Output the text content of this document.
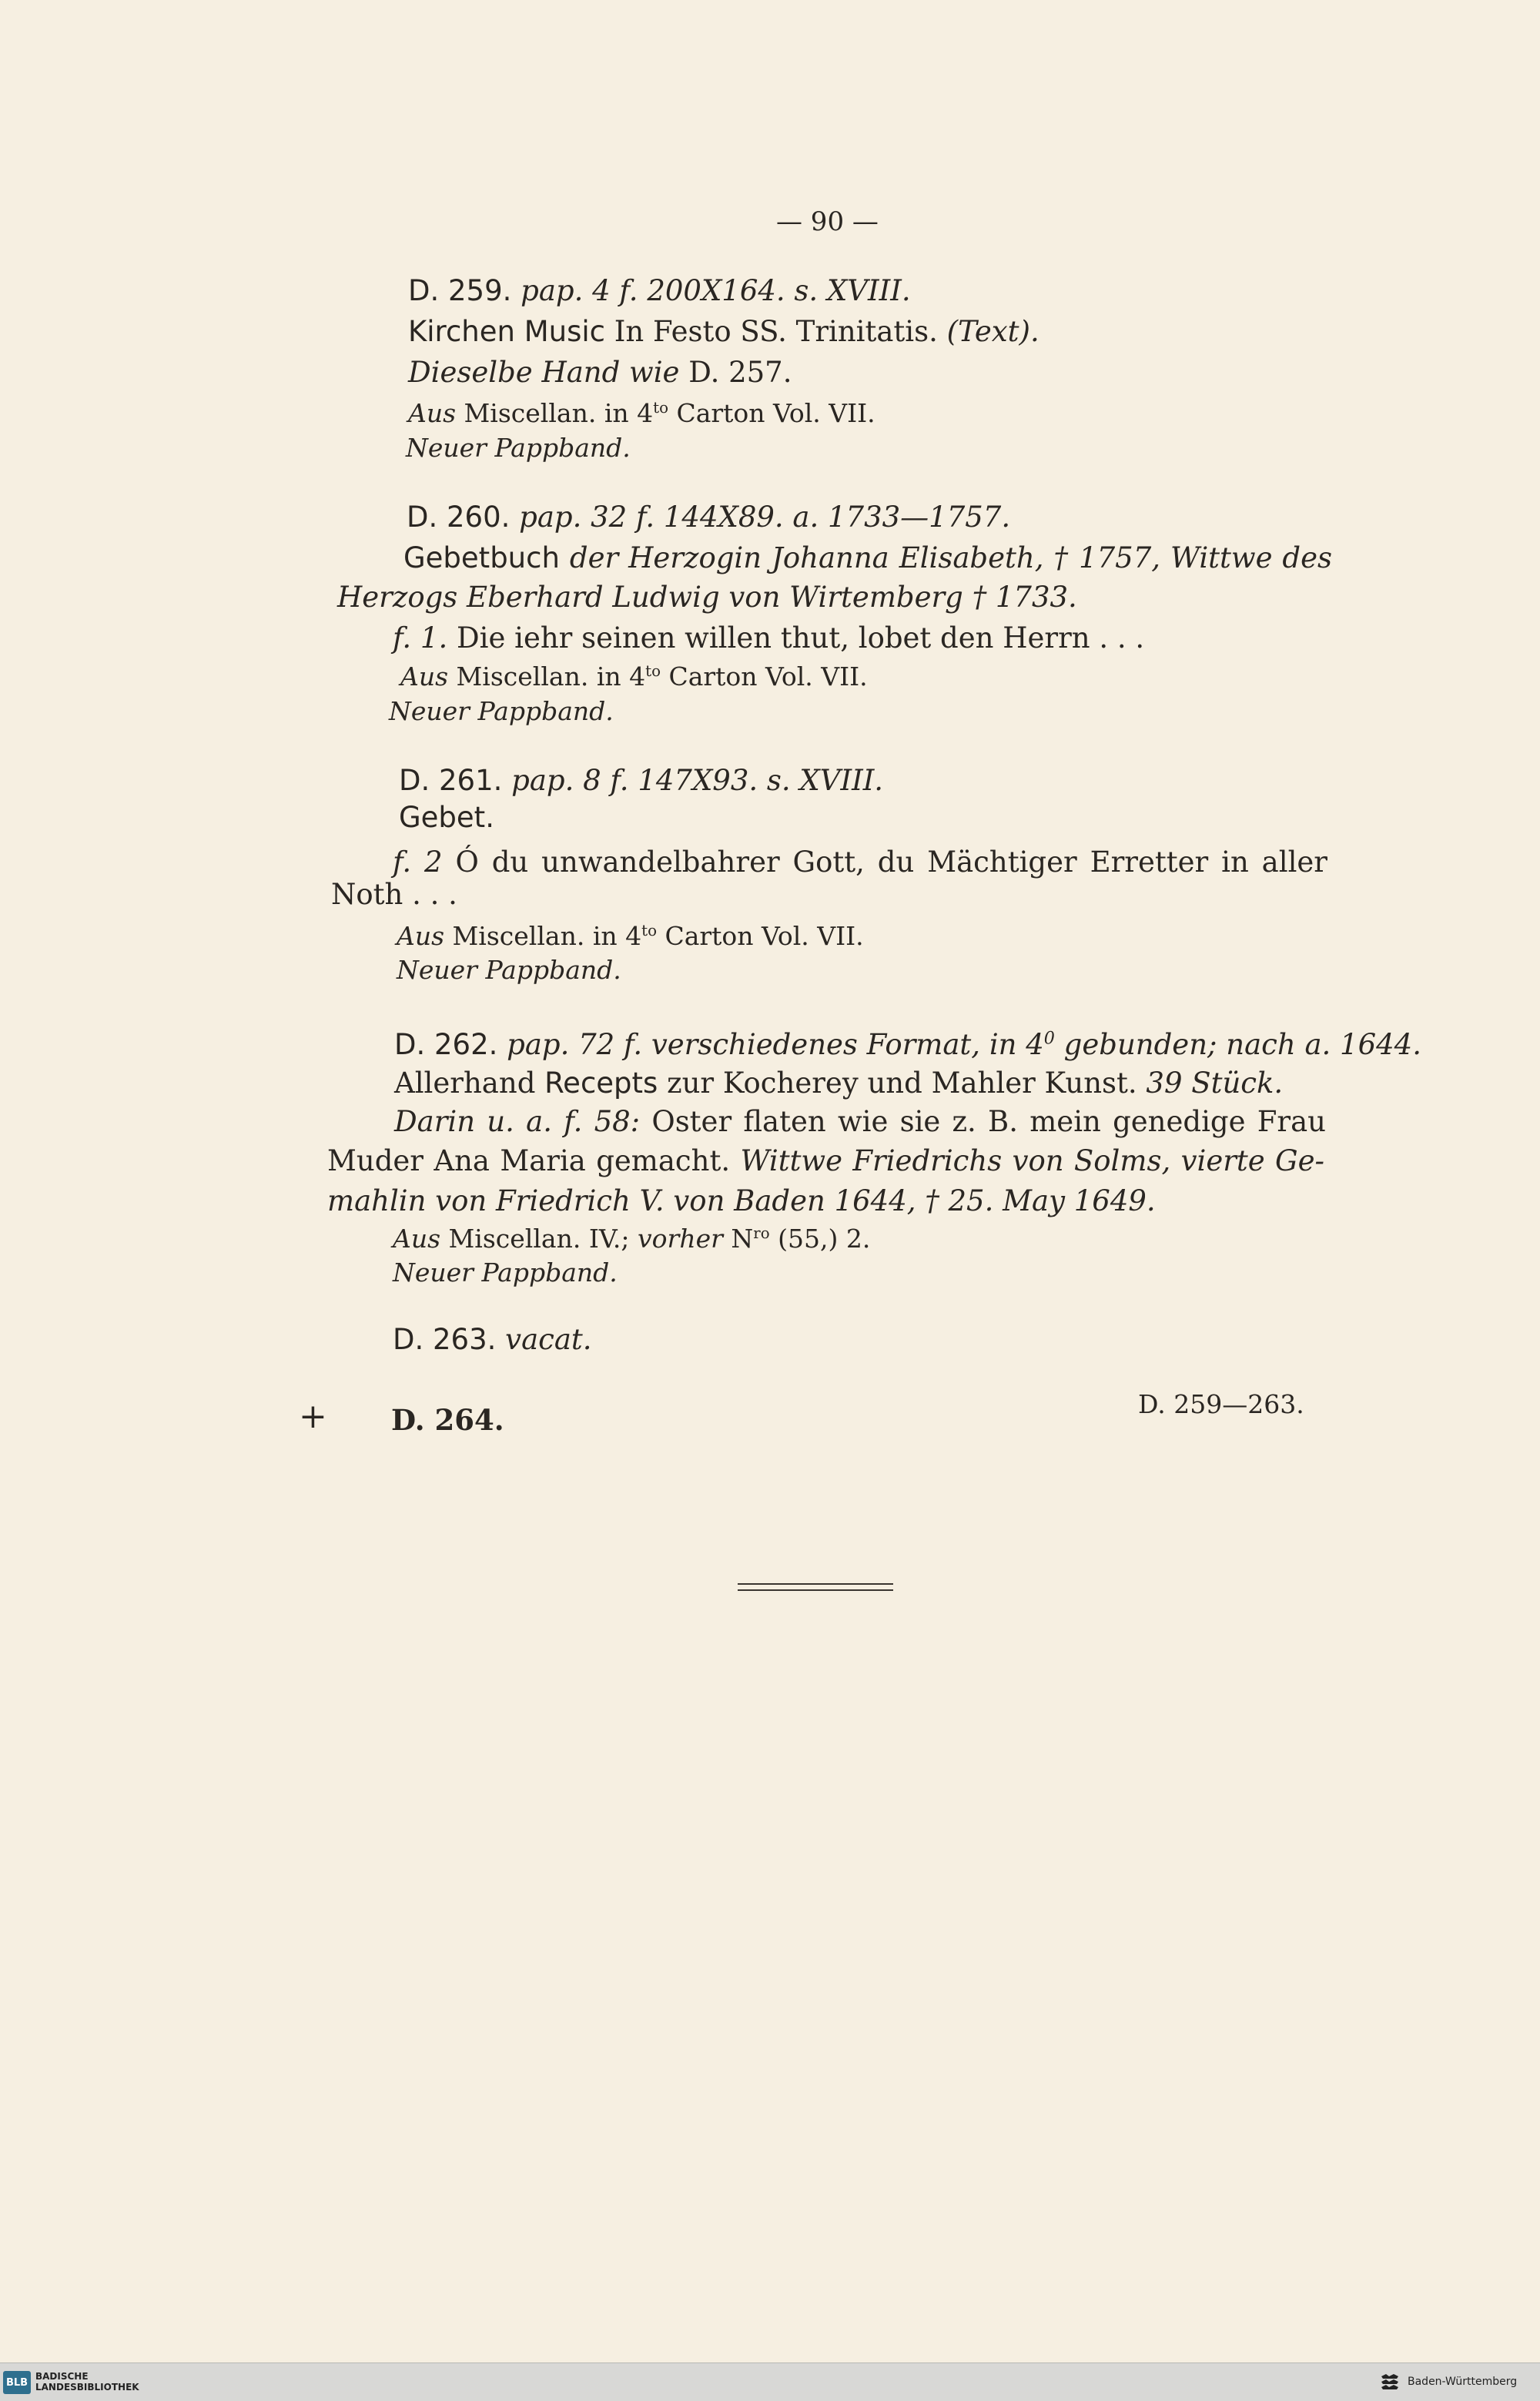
— 90 —
D. 259. pap. 4 f. 200X164. s. XVIII.
Kirchen Music In Festo SS. Trinitatis. (Text).
Dieselbe Hand wie D. 257.
Aus Miscellan. in $4^{to}$ Carton Vol. VII.
Neuer Pappband.
D. 260. pap. 32 f. 144X89. a. 1733—1757.
Gebetbuch der Herzogin Johanna Elisabeth, † 1757, Wittwe des
Herzogs Eberhard Ludwig von Wirtemberg † 1733.
f. 1. Die iehr seinen willen thut, lobet den Herrn . . .
Aus Miscellan. in $4^{to}$ Carton Vol. VII.
Neuer Pappband.
D. 261. pap. 8 f. 147X93. s. XVIII.
Gebet.
f. 2 Ó du unwandelbahrer Gott, du Mächtiger Erretter in aller
Noth . . .
Aus Miscellan. in $4^{to}$ Carton Vol. VII.
Neuer Pappband.
D. 262. pap. 72 f. verschiedenes Format, in $4^0$ gebunden; nach a. 1644.
Allerhand Recepts zur Kocherey und Mahler Kunst. 39 Stück.
Darin u. a. f. 58: Oster flaten wie sie z. B. mein genedige Frau
Muder Ana Maria gemacht. Wittwe Friedrichs von Solms, vierte Ge-
mahlin von Friedrich V. von Baden 1644, † 25. May 1649.
Aus Miscellan. IV.; vorher $N^{ro}$ (55,) 2.
Neuer Pappband.
D. 263. vacat.
+ D. 264.	D. 259—263.
BLB
BADISCHE
LANDESBIBLIOTHEK	Baden-Württemberg
